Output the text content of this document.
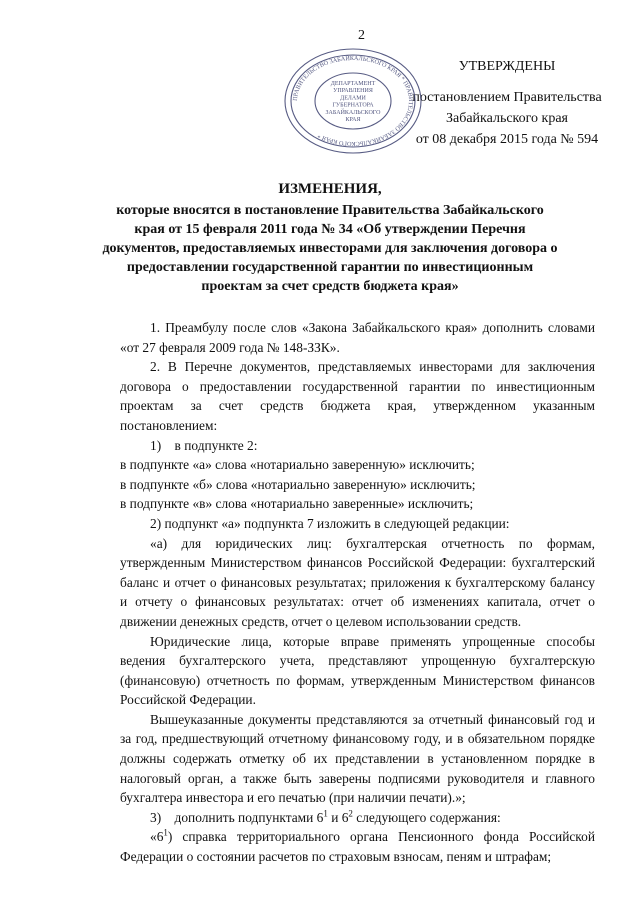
2
УТВЕРЖДЕНЫ
постановлением Правительства
Забайкальского края
от 08 декабря 2015 года № 594
ПРАВИТЕЛЬСТВО ЗАБАЙКАЛЬСКОГО КРАЯ * ПРАВИТЕЛЬСТВО ЗАБАЙКАЛЬСКОГО КРАЯ *
ДЕПАРТАМЕНТ
УПРАВЛЕНИЯ
ДЕЛАМИ
ГУБЕРНАТОРА
ЗАБАЙКАЛЬСКОГО
КРАЯ
ИЗМЕНЕНИЯ,
которые вносятся в постановление Правительства Забайкальского края от 15 февраля 2011 года № 34 «Об утверждении Перечня документов, предоставляемых инвесторами для заключения договора о предоставлении государственной гарантии по инвестиционным проектам за счет средств бюджета края»

1. Преамбулу после слов «Закона Забайкальского края» дополнить словами «от 27 февраля 2009 года № 148-ЗЗК».

2. В Перечне документов, представляемых инвесторами для заключения договора о предоставлении государственной гарантии по инвестиционным проектам за счет средств бюджета края, утвержденном указанным постановлением:

1) в подпункте 2:

в подпункте «а» слова «нотариально заверенную» исключить;

в подпункте «б» слова «нотариально заверенную» исключить;

в подпункте «в» слова «нотариально заверенные» исключить;

2) подпункт «а» подпункта 7 изложить в следующей редакции:

«а) для юридических лиц: бухгалтерская отчетность по формам, утвержденным Министерством финансов Российской Федерации: бухгалтерский баланс и отчет о финансовых результатах; приложения к бухгалтерскому балансу и отчету о финансовых результатах: отчет об изменениях капитала, отчет о движении денежных средств, отчет о целевом использовании средств.

Юридические лица, которые вправе применять упрощенные способы ведения бухгалтерского учета, представляют упрощенную бухгалтерскую (финансовую) отчетность по формам, утвержденным Министерством финансов Российской Федерации.

Вышеуказанные документы представляются за отчетный финансовый год и за год, предшествующий отчетному финансовому году, и в обязательном порядке должны содержать отметку об их представлении в установленном порядке в налоговый орган, а также быть заверены подписями руководителя и главного бухгалтера инвестора и его печатью (при наличии печати).»;

3) дополнить подпунктами $6^1$ и $6^2$ следующего содержания:

«$6^1$) справка территориального органа Пенсионного фонда Российской Федерации о состоянии расчетов по страховым взносам, пеням и штрафам;
